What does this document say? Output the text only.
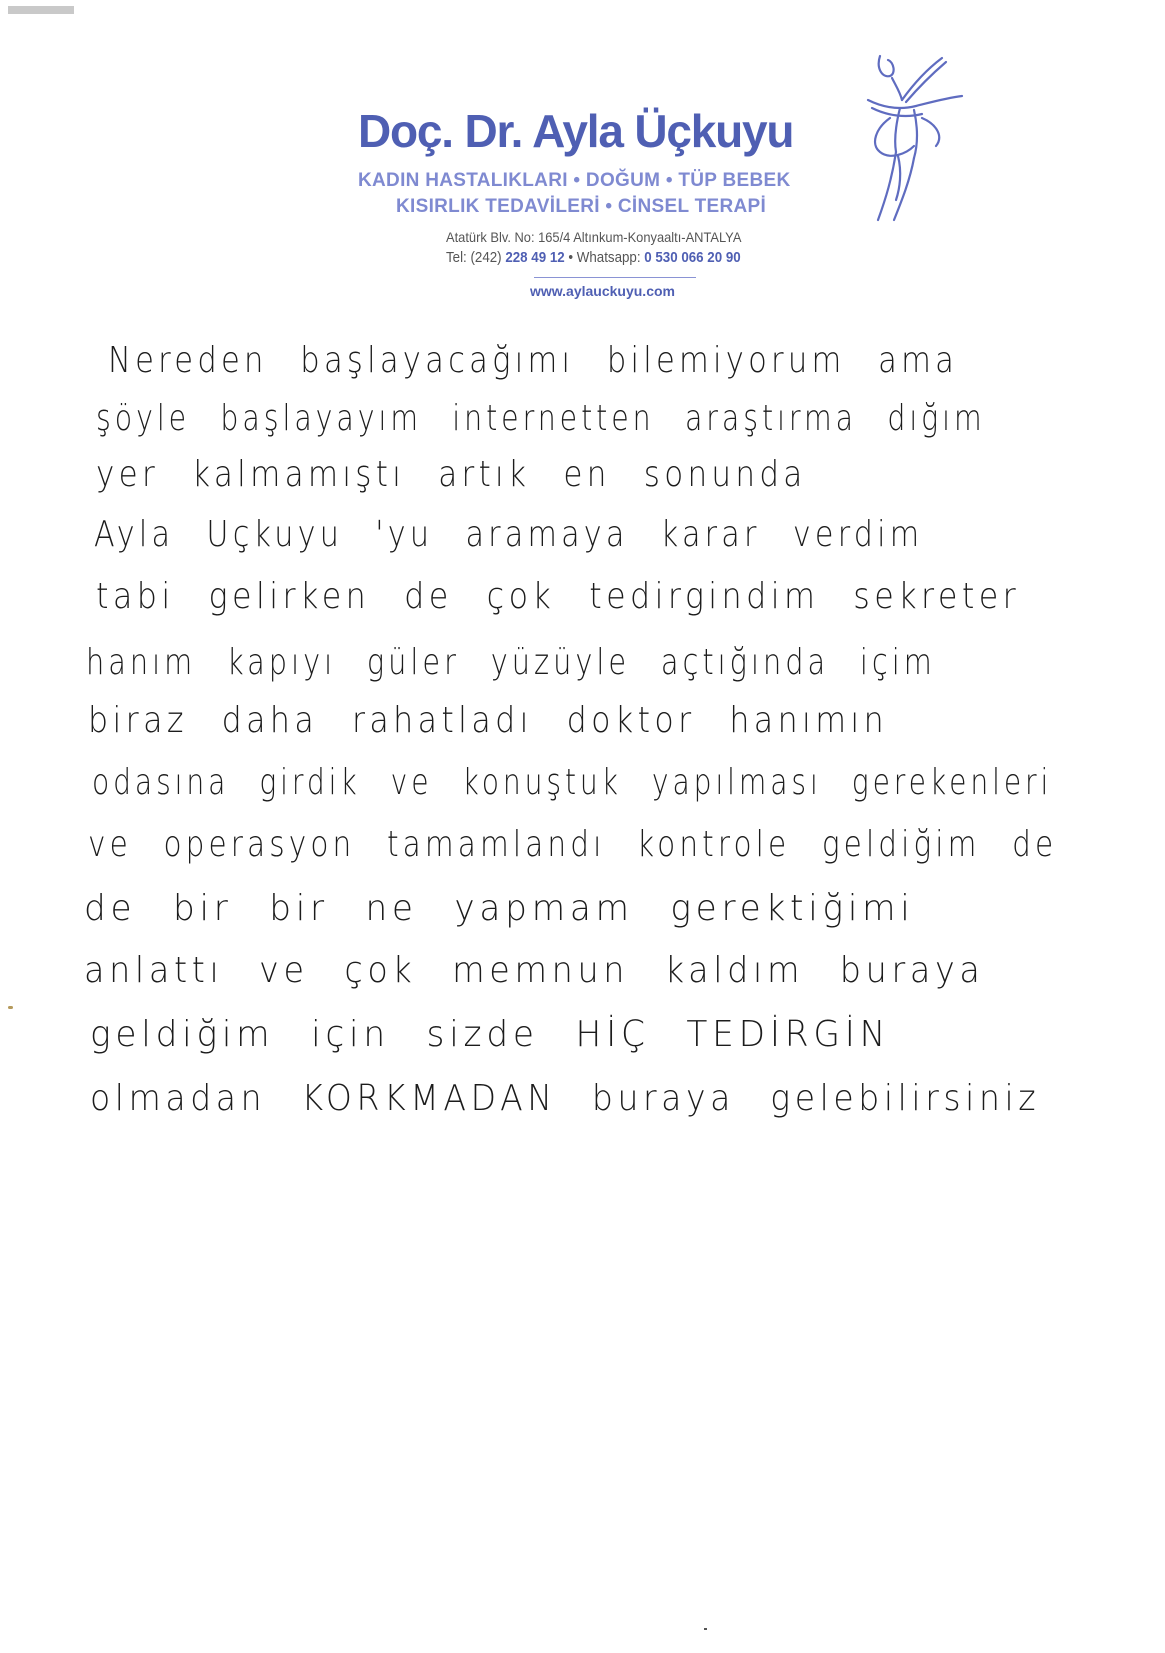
Doç. Dr. Ayla Üçkuyu
KADIN HASTALIKLARI • DOĞUM • TÜP BEBEK
KISIRLIK TEDAVİLERİ • CİNSEL TERAPİ
Atatürk Blv. No: 165/4 Altınkum-Konyaaltı-ANTALYA
Tel: (242) 228 49 12 • Whatsapp: 0 530 066 20 90
www.aylauckuyu.com
Nereden başlayacağımı bilemiyorum ama
şöyle başlayayım internetten araştırma dığım
yer kalmamıştı artık en sonunda
Ayla Uçkuyu 'yu aramaya karar verdim
tabi gelirken de çok tedirgindim sekreter
hanım kapıyı güler yüzüyle açtığında içim
biraz daha rahatladı doktor hanımın
odasına girdik ve konuştuk yapılması gerekenleri
ve operasyon tamamlandı kontrole geldiğim de
de bir bir ne yapmam gerektiğimi
anlattı ve çok memnun kaldım buraya
geldiğim için sizde HİÇ TEDİRGİN
olmadan KORKMADAN buraya gelebilirsiniz
